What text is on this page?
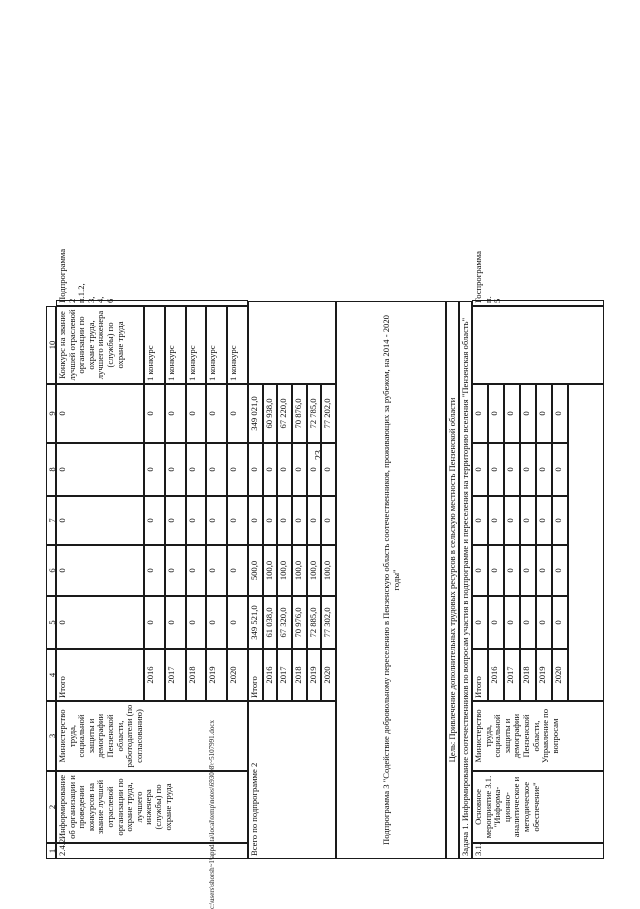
23
c:\users\shorsh~1\appdata\local\temp\notes\6930e8\~5107991.docx
1
2
3
4
5
6
7
8
9
10
2.4.2.
Информирование об организации и проведении конкурсов на звание лучшей отраслевой организации по охране труда, лучшего инженера (службы) по охране труда
Министерство труда, социальной защиты и демографии Пензенской области, работодатели (по согласованию)
Итого
0
0
0
0
0
Конкурс на звание лучшей отраслевой организации по охране труда, лучшего инженера (службы) по охране труда
Подпрограмма 2 п.1.2, 3, 4, 6
2016
0
0
0
0
0
1 конкурс
2017
0
0
0
0
0
1 конкурс
2018
0
0
0
0
0
1 конкурс
2019
0
0
0
0
0
1 конкурс
2020
0
0
0
0
0
1 конкурс
Всего по подпрограмме 2
Итого
349 521,0
500,0
0
0
349 021,0
2016
61 038,0
100,0
0
0
60 938,0
2017
67 320,0
100,0
0
0
67 220,0
2018
70 976,0
100,0
0
0
70 876,0
2019
72 885,0
100,0
0
0
72 785,0
2020
77 302,0
100,0
0
0
77 202,0	Подпрограмма 3 "Содействие добровольному переселению в Пензенскую область соотечественников, проживающих за рубежом, на 2014 - 2020 годы"	Цель: Привлечение дополнительных трудовых ресурсов в сельскую местность Пензенской области Задача 1. Информирование соотечественников по вопросам участия в подпрограмме и переселения на территорию вселения "Пензенская область" 3.1.
Основное мероприятие 3.1. "Информационно-аналитическое и методическое обеспечение"
Министерство труда, социальной защиты и демографии Пензенской области, Управление по вопросам
Итого
0
0
0
0
0
Госпрограмма п. 5
2016
0
0
0
0
0
2017
0
0
0
0
0
2018
0
0
0
0
0
2019
0
0
0
0
0
2020
0
0
0
0
0
